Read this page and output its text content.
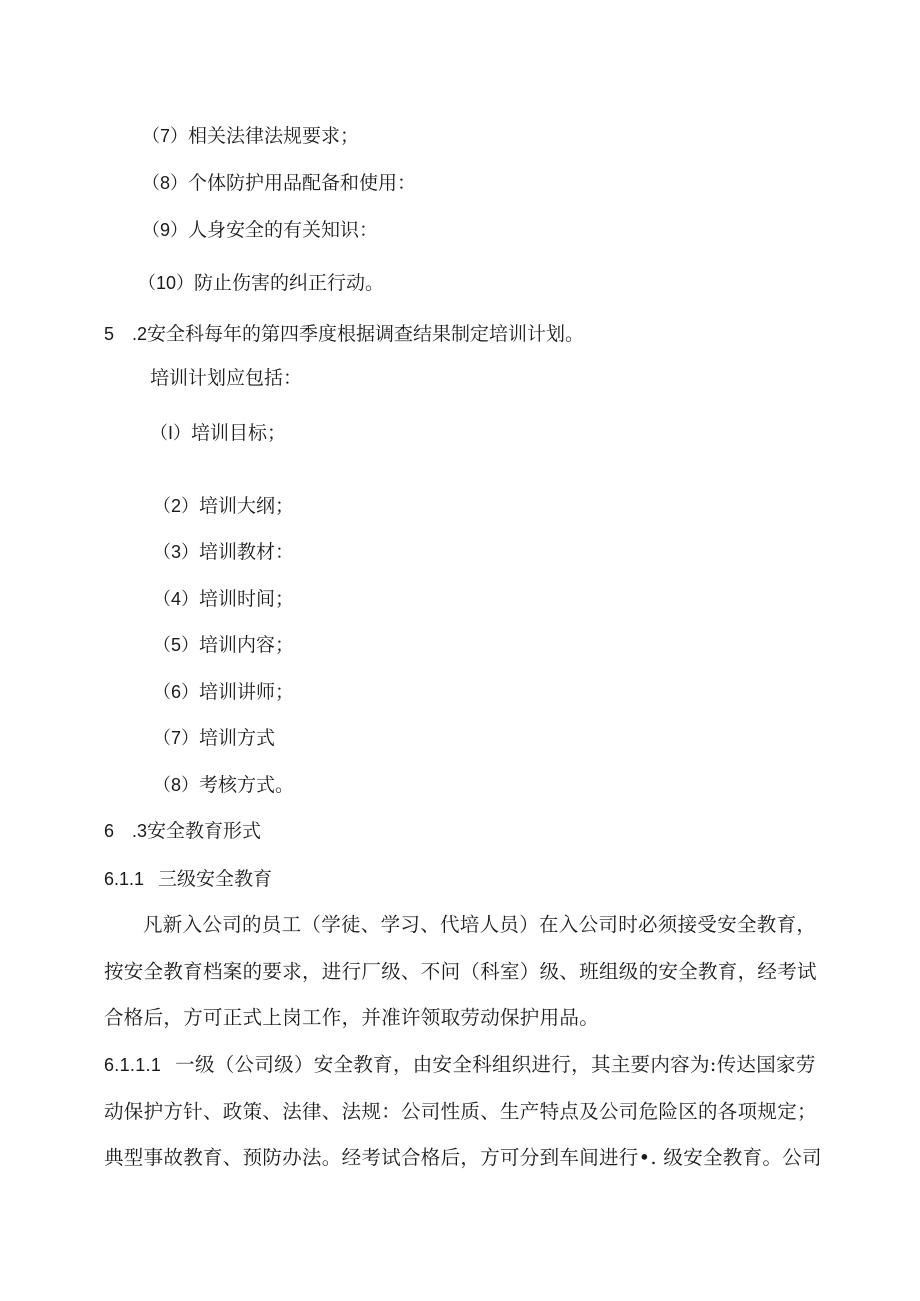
（7）相关法律法规要求；
（8）个体防护用品配备和使用：
（9）人身安全的有关知识：
（10）防止伤害的纠正行动。
5　.2安全科每年的第四季度根据调查结果制定培训计划。
培训计划应包括：
（I）培训目标；
（2）培训大纲；
（3）培训教材：
（4）培训时间；
（5）培训内容；
（6）培训讲师；
（7）培训方式
（8）考核方式。
6　.3安全教育形式
6.1.1 三级安全教育
凡新入公司的员工（学徒、学习、代培人员）在入公司时必须接受安全教育，
按安全教育档案的要求，进行厂级、不问（科室）级、班组级的安全教育，经考试
合格后，方可正式上岗工作，并准许领取劳动保护用品。
6.1.1.1 一级（公司级）安全教育，由安全科组织进行，其主要内容为:传达国家劳
动保护方针、政策、法律、法规：公司性质、生产特点及公司危险区的各项规定；
典型事故教育、预防办法。经考试合格后，方可分到车间进行•. 级安全教育。公司
